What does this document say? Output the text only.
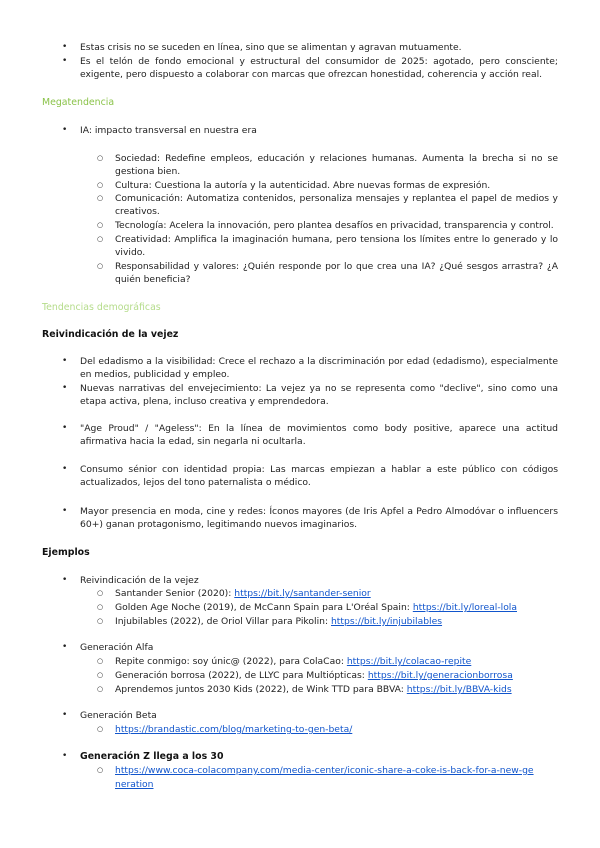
• Estas crisis no se suceden en línea, sino que se alimentan y agravan mutuamente.
• Es el telón de fondo emocional y estructural del consumidor de 2025: agotado, pero consciente; exigente, pero dispuesto a colaborar con marcas que ofrezcan honestidad, coherencia y acción real.
Megatendencia
• IA: impacto transversal en nuestra era
○ Sociedad: Redefine empleos, educación y relaciones humanas. Aumenta la brecha si no se gestiona bien.
○ Cultura: Cuestiona la autoría y la autenticidad. Abre nuevas formas de expresión.
○ Comunicación: Automatiza contenidos, personaliza mensajes y replantea el papel de medios y creativos.
○ Tecnología: Acelera la innovación, pero plantea desafíos en privacidad, transparencia y control.
○ Creatividad: Amplifica la imaginación humana, pero tensiona los límites entre lo generado y lo vivido.
○ Responsabilidad y valores: ¿Quién responde por lo que crea una IA? ¿Qué sesgos arrastra? ¿A quién beneficia?
Tendencias demográficas
Reivindicación de la vejez
• Del edadismo a la visibilidad: Crece el rechazo a la discriminación por edad (edadismo), especialmente en medios, publicidad y empleo.
• Nuevas narrativas del envejecimiento: La vejez ya no se representa como "declive", sino como una etapa activa, plena, incluso creativa y emprendedora.
• "Age Proud" / "Ageless": En la línea de movimientos como body positive, aparece una actitud afirmativa hacia la edad, sin negarla ni ocultarla.
• Consumo sénior con identidad propia: Las marcas empiezan a hablar a este público con códigos actualizados, lejos del tono paternalista o médico.
• Mayor presencia en moda, cine y redes: Íconos mayores (de Iris Apfel a Pedro Almodóvar o influencers 60+) ganan protagonismo, legitimando nuevos imaginarios.
Ejemplos
• Reivindicación de la vejez
○ Santander Senior (2020): https://bit.ly/santander-senior
○ Golden Age Noche (2019), de McCann Spain para L'Oréal Spain: https://bit.ly/loreal-lola
○ Injubilables (2022), de Oriol Villar para Pikolin: https://bit.ly/injubilables
• Generación Alfa
○ Repite conmigo: soy únic@ (2022), para ColaCao: https://bit.ly/colacao-repite
○ Generación borrosa (2022), de LLYC para Multiópticas: https://bit.ly/generacionborrosa
○ Aprendemos juntos 2030 Kids (2022), de Wink TTD para BBVA: https://bit.ly/BBVA-kids
• Generación Beta
○ https://brandastic.com/blog/marketing-to-gen-beta/
• Generación Z llega a los 30
○ https://www.coca-colacompany.com/media-center/iconic-share-a-coke-is-back-for-a-new-ge
neration
